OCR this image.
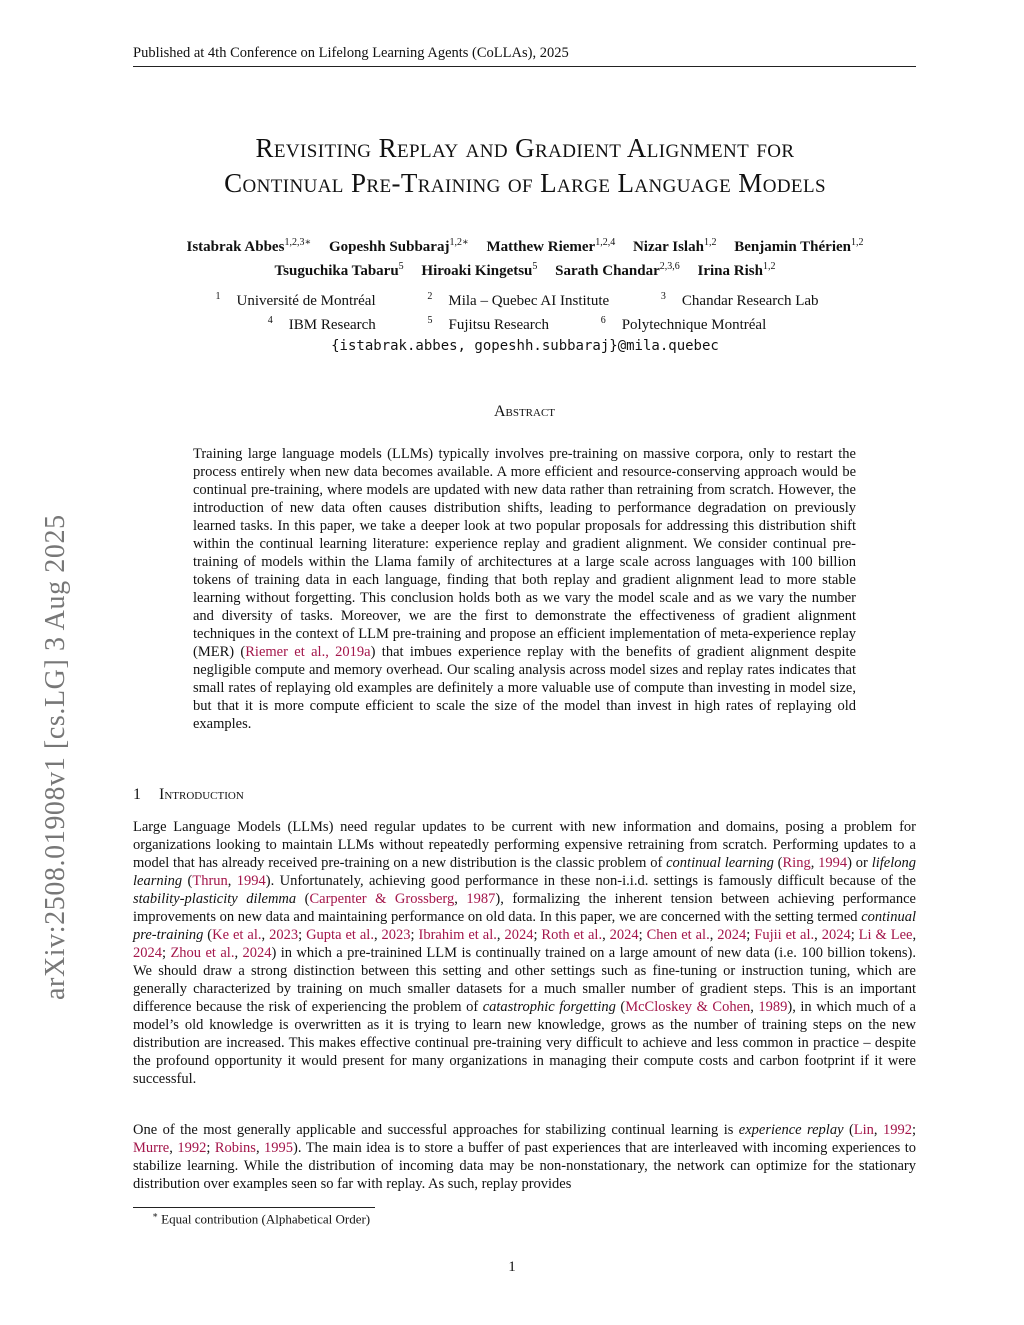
Published at 4th Conference on Lifelong Learning Agents (CoLLAs), 2025
arXiv:2508.01908v1 [cs.LG] 3 Aug 2025
Revisiting Replay and Gradient Alignment for
Continual Pre-Training of Large Language Models
Istabrak Abbes$^{1,2,3∗}$ Gopeshh Subbaraj$^{1,2∗}$ Matthew Riemer$^{1,2,4}$ Nizar Islah$^{1,2}$ Benjamin Thérien$^{1,2}$
Tsuguchika Tabaru$^5$ Hiroaki Kingetsu$^5$ Sarath Chandar$^{2,3,6}$ Irina Rish$^{1,2}$
$^1$ Université de Montréal	$^2$ Mila – Quebec AI Institute	$^3$ Chandar Research Lab
$^4$ IBM Research	$^5$ Fujitsu Research	$^6$ Polytechnique Montréal
{istabrak.abbes, gopeshh.subbaraj}@mila.quebec
Abstract

Training large language models (LLMs) typically involves pre-training on massive corpora, only to restart the process entirely when new data becomes available. A more efficient and resource-conserving approach would be continual pre-training, where models are updated with new data rather than retraining from scratch. However, the introduction of new data often causes distribution shifts, leading to performance degradation on previously learned tasks. In this paper, we take a deeper look at two popular proposals for addressing this distribution shift within the continual learning literature: experience replay and gradient alignment. We consider continual pre-training of models within the Llama family of architectures at a large scale across languages with 100 billion tokens of training data in each language, finding that both replay and gradient alignment lead to more stable learning without forgetting. This conclusion holds both as we vary the model scale and as we vary the number and diversity of tasks. Moreover, we are the first to demonstrate the effectiveness of gradient alignment techniques in the context of LLM pre-training and propose an efficient implementation of meta-experience replay (MER) (Riemer et al., 2019a) that imbues experience replay with the benefits of gradient alignment despite negligible compute and memory overhead. Our scaling analysis across model sizes and replay rates indicates that small rates of replaying old examples are definitely a more valuable use of compute than investing in model size, but that it is more compute efficient to scale the size of the model than invest in high rates of replaying old examples.

1 Introduction

Large Language Models (LLMs) need regular updates to be current with new information and domains, posing a problem for organizations looking to maintain LLMs without repeatedly performing expensive retraining from scratch. Performing updates to a model that has already received pre-training on a new distribution is the classic problem of continual learning (Ring, 1994) or lifelong learning (Thrun, 1994). Unfortunately, achieving good performance in these non-i.i.d. settings is famously difficult because of the stability-plasticity dilemma (Carpenter & Grossberg, 1987), formalizing the inherent tension between achieving performance improvements on new data and maintaining performance on old data. In this paper, we are concerned with the setting termed continual pre-training (Ke et al., 2023; Gupta et al., 2023; Ibrahim et al., 2024; Roth et al., 2024; Chen et al., 2024; Fujii et al., 2024; Li & Lee, 2024; Zhou et al., 2024) in which a pre-trainined LLM is continually trained on a large amount of new data (i.e. 100 billion tokens). We should draw a strong distinction between this setting and other settings such as fine-tuning or instruction tuning, which are generally characterized by training on much smaller datasets for a much smaller number of gradient steps. This is an important difference because the risk of experiencing the problem of catastrophic forgetting (McCloskey & Cohen, 1989), in which much of a model’s old knowledge is overwritten as it is trying to learn new knowledge, grows as the number of training steps on the new distribution are increased. This makes effective continual pre-training very difficult to achieve and less common in practice – despite the profound opportunity it would present for many organizations in managing their compute costs and carbon footprint if it were successful.

One of the most generally applicable and successful approaches for stabilizing continual learning is experience replay (Lin, 1992; Murre, 1992; Robins, 1995). The main idea is to store a buffer of past experiences that are interleaved with incoming experiences to stabilize learning. While the distribution of incoming data may be non-nonstationary, the network can optimize for the stationary distribution over examples seen so far with replay. As such, replay provides

∗ Equal contribution (Alphabetical Order)
1
